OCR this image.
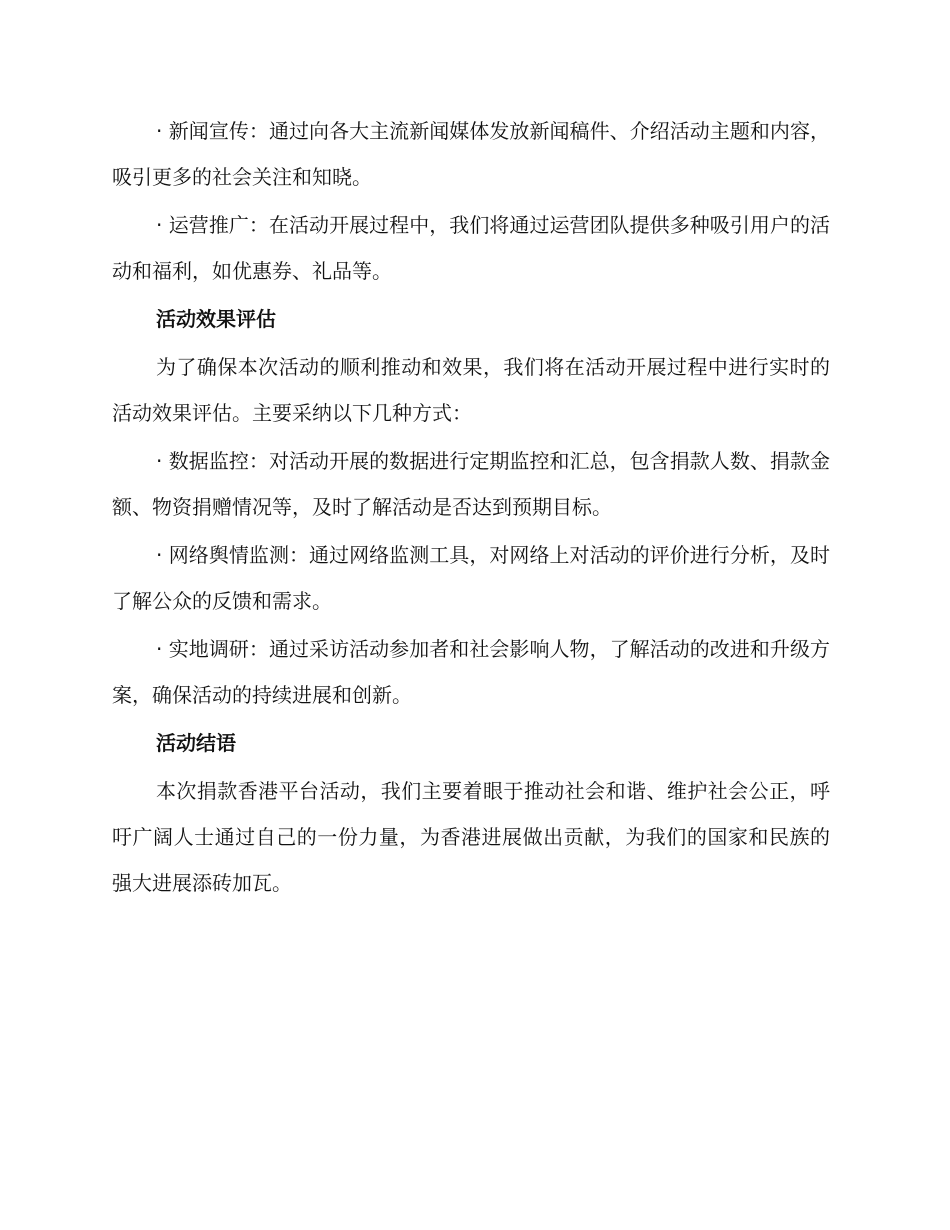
· 新闻宣传：通过向各大主流新闻媒体发放新闻稿件、介绍活动主题和内容，吸引更多的社会关注和知晓。

· 运营推广：在活动开展过程中，我们将通过运营团队提供多种吸引用户的活动和福利，如优惠券、礼品等。

活动效果评估

为了确保本次活动的顺利推动和效果，我们将在活动开展过程中进行实时的活动效果评估。主要采纳以下几种方式：

· 数据监控：对活动开展的数据进行定期监控和汇总，包含捐款人数、捐款金额、物资捐赠情况等，及时了解活动是否达到预期目标。

· 网络舆情监测：通过网络监测工具，对网络上对活动的评价进行分析，及时了解公众的反馈和需求。

· 实地调研：通过采访活动参加者和社会影响人物，了解活动的改进和升级方案，确保活动的持续进展和创新。

活动结语

本次捐款香港平台活动，我们主要着眼于推动社会和谐、维护社会公正，呼吁广阔人士通过自己的一份力量，为香港进展做出贡献，为我们的国家和民族的强大进展添砖加瓦。
